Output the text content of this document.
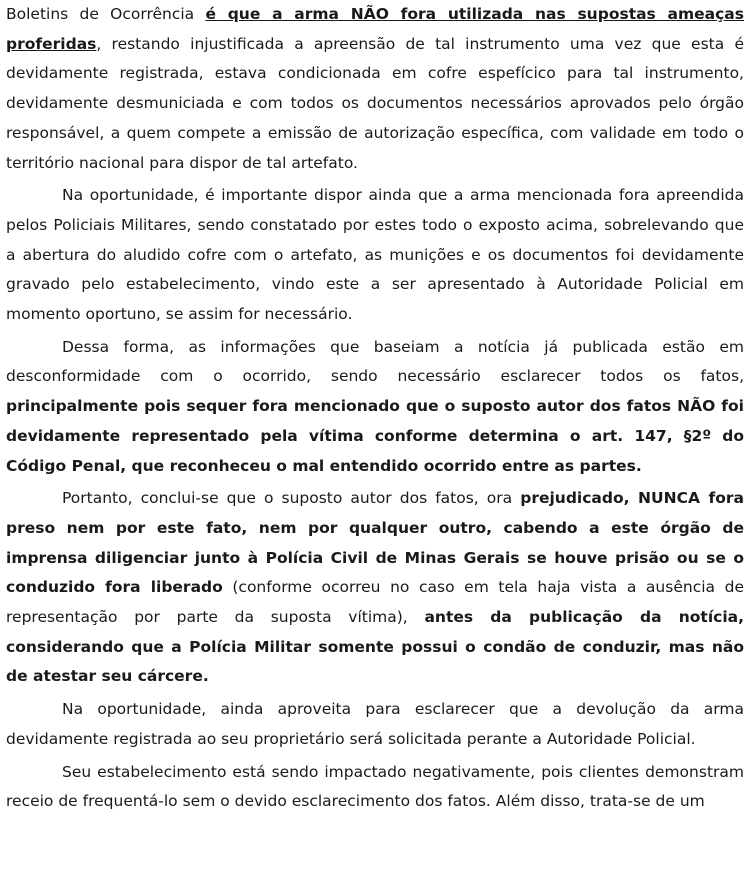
Boletins de Ocorrência é que a arma NÃO fora utilizada nas supostas ameaças proferidas, restando injustificada a apreensão de tal instrumento uma vez que esta é devidamente registrada, estava condicionada em cofre espefícico para tal instrumento, devidamente desmuniciada e com todos os documentos necessários aprovados pelo órgão responsável, a quem compete a emissão de autorização específica, com validade em todo o território nacional para dispor de tal artefato.

Na oportunidade, é importante dispor ainda que a arma mencionada fora apreendida pelos Policiais Militares, sendo constatado por estes todo o exposto acima, sobrelevando que a abertura do aludido cofre com o artefato, as munições e os documentos foi devidamente gravado pelo estabelecimento, vindo este a ser apresentado à Autoridade Policial em momento oportuno, se assim for necessário.

Dessa forma, as informações que baseiam a notícia já publicada estão em desconformidade com o ocorrido, sendo necessário esclarecer todos os fatos, principalmente pois sequer fora mencionado que o suposto autor dos fatos NÃO foi devidamente representado pela vítima conforme determina o art. 147, §2º do Código Penal, que reconheceu o mal entendido ocorrido entre as partes.

Portanto, conclui-se que o suposto autor dos fatos, ora prejudicado, NUNCA fora preso nem por este fato, nem por qualquer outro, cabendo a este órgão de imprensa diligenciar junto à Polícia Civil de Minas Gerais se houve prisão ou se o conduzido fora liberado (conforme ocorreu no caso em tela haja vista a ausência de representação por parte da suposta vítima), antes da publicação da notícia, considerando que a Polícia Militar somente possui o condão de conduzir, mas não de atestar seu cárcere.

Na oportunidade, ainda aproveita para esclarecer que a devolução da arma devidamente registrada ao seu proprietário será solicitada perante a Autoridade Policial.

Seu estabelecimento está sendo impactado negativamente, pois clientes demonstram receio de frequentá-lo sem o devido esclarecimento dos fatos. Além disso, trata-se de um
